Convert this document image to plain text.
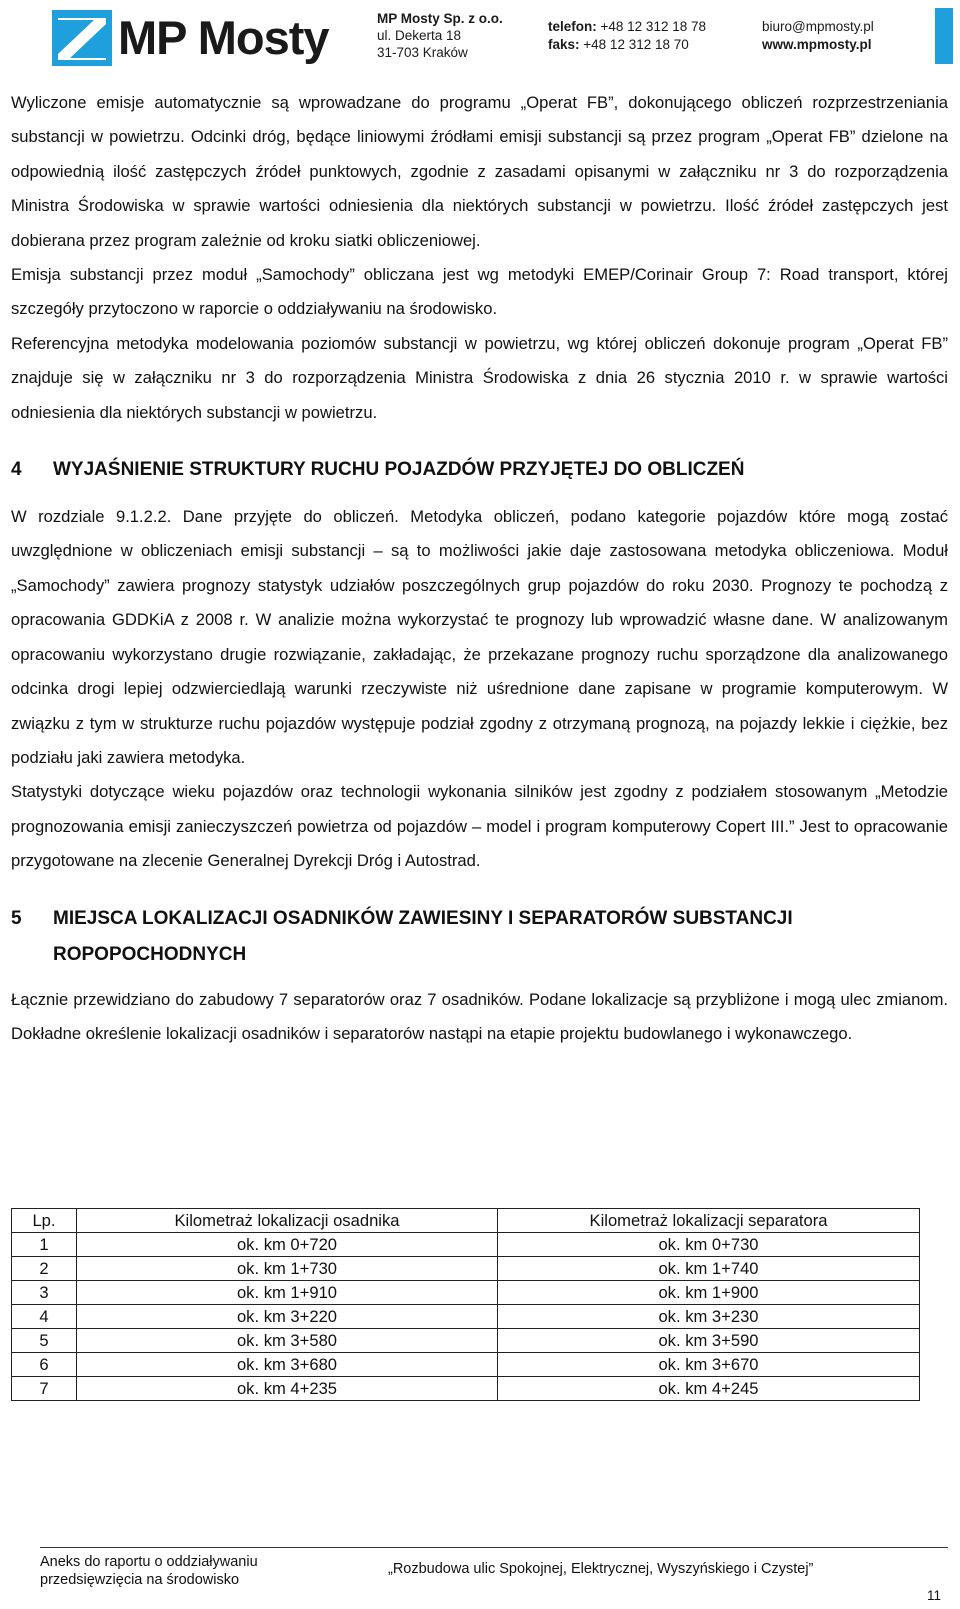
MP Mosty	MP Mosty Sp. z o.o.
ul. Dekerta 18
31-703 Kraków
telefon: +48 12 312 18 78
faks: +48 12 312 18 70
biuro@mpmosty.pl
www.mpmosty.pl

Wyliczone emisje automatycznie są wprowadzane do programu „Operat FB”, dokonującego obliczeń rozprzestrzeniania substancji w powietrzu. Odcinki dróg, będące liniowymi źródłami emisji substancji są przez program „Operat FB” dzielone na odpowiednią ilość zastępczych źródeł punktowych, zgodnie z zasadami opisanymi w załączniku nr 3 do rozporządzenia Ministra Środowiska w sprawie wartości odniesienia dla niektórych substancji w powietrzu. Ilość źródeł zastępczych jest dobierana przez program zależnie od kroku siatki obliczeniowej.

Emisja substancji przez moduł „Samochody” obliczana jest wg metodyki EMEP/Corinair Group 7: Road transport, której szczegóły przytoczono w raporcie o oddziaływaniu na środowisko.

Referencyjna metodyka modelowania poziomów substancji w powietrzu, wg której obliczeń dokonuje program „Operat FB” znajduje się w załączniku nr 3 do rozporządzenia Ministra Środowiska z dnia 26 stycznia 2010 r. w sprawie wartości odniesienia dla niektórych substancji w powietrzu.

4	WYJAŚNIENIE STRUKTURY RUCHU POJAZDÓW PRZYJĘTEJ DO OBLICZEŃ

W rozdziale 9.1.2.2. Dane przyjęte do obliczeń. Metodyka obliczeń, podano kategorie pojazdów które mogą zostać uwzględnione w obliczeniach emisji substancji – są to możliwości jakie daje zastosowana metodyka obliczeniowa. Moduł „Samochody” zawiera prognozy statystyk udziałów poszczególnych grup pojazdów do roku 2030. Prognozy te pochodzą z opracowania GDDKiA z 2008 r. W analizie można wykorzystać te prognozy lub wprowadzić własne dane. W analizowanym opracowaniu wykorzystano drugie rozwiązanie, zakładając, że przekazane prognozy ruchu sporządzone dla analizowanego odcinka drogi lepiej odzwierciedlają warunki rzeczywiste niż uśrednione dane zapisane w programie komputerowym. W związku z tym w strukturze ruchu pojazdów występuje podział zgodny z otrzymaną prognozą, na pojazdy lekkie i ciężkie, bez podziału jaki zawiera metodyka.

Statystyki dotyczące wieku pojazdów oraz technologii wykonania silników jest zgodny z podziałem stosowanym „Metodzie prognozowania emisji zanieczyszczeń powietrza od pojazdów – model i program komputerowy Copert III.” Jest to opracowanie przygotowane na zlecenie Generalnej Dyrekcji Dróg i Autostrad.

5	MIEJSCA LOKALIZACJI OSADNIKÓW ZAWIESINY I SEPARATORÓW SUBSTANCJI ROPOPOCHODNYCH

Łącznie przewidziano do zabudowy 7 separatorów oraz 7 osadników. Podane lokalizacje są przybliżone i mogą ulec zmianom. Dokładne określenie lokalizacji osadników i separatorów nastąpi na etapie projektu budowlanego i wykonawczego.

Lp.	Kilometraż lokalizacji osadnika	Kilometraż lokalizacji separatora
1	ok. km 0+720	ok. km 0+730
2	ok. km 1+730	ok. km 1+740
3	ok. km 1+910	ok. km 1+900
4	ok. km 3+220	ok. km 3+230
5	ok. km 3+580	ok. km 3+590
6	ok. km 3+680	ok. km 3+670
7	ok. km 4+235	ok. km 4+245
Aneks do raportu o oddziaływaniu
przedsięwzięcia na środowisko
„Rozbudowa ulic Spokojnej, Elektrycznej, Wyszyńskiego i Czystej”
11
